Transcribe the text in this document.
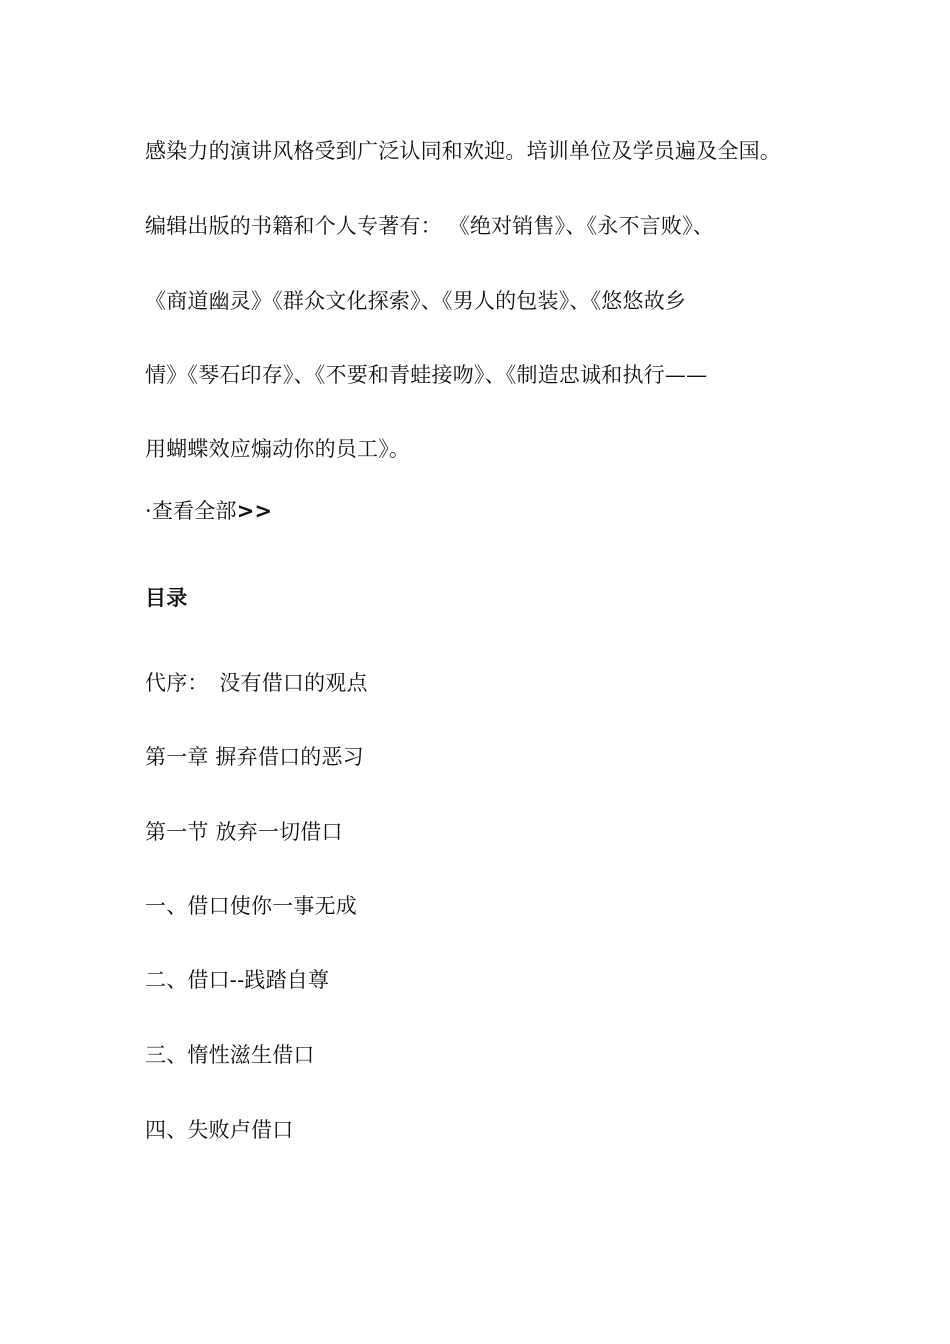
感染力的演讲风格受到广泛认同和欢迎。培训单位及学员遍及全国。
编辑出版的书籍和个人专著有： 《绝对销售》、《永不言败》、
《商道幽灵》《群众文化探索》、《男人的包装》、《悠悠故乡
情》《琴石印存》、《不要和青蛙接吻》、《制造忠诚和执行——
用蝴蝶效应煽动你的员工》。
·查看全部>>
目录
代序：　没有借口的观点
第一章 摒弃借口的恶习
第一节 放弃一切借口
一、借口使你一事无成
二、借口--践踏自尊
三、惰性滋生借口
四、失败卢借口
